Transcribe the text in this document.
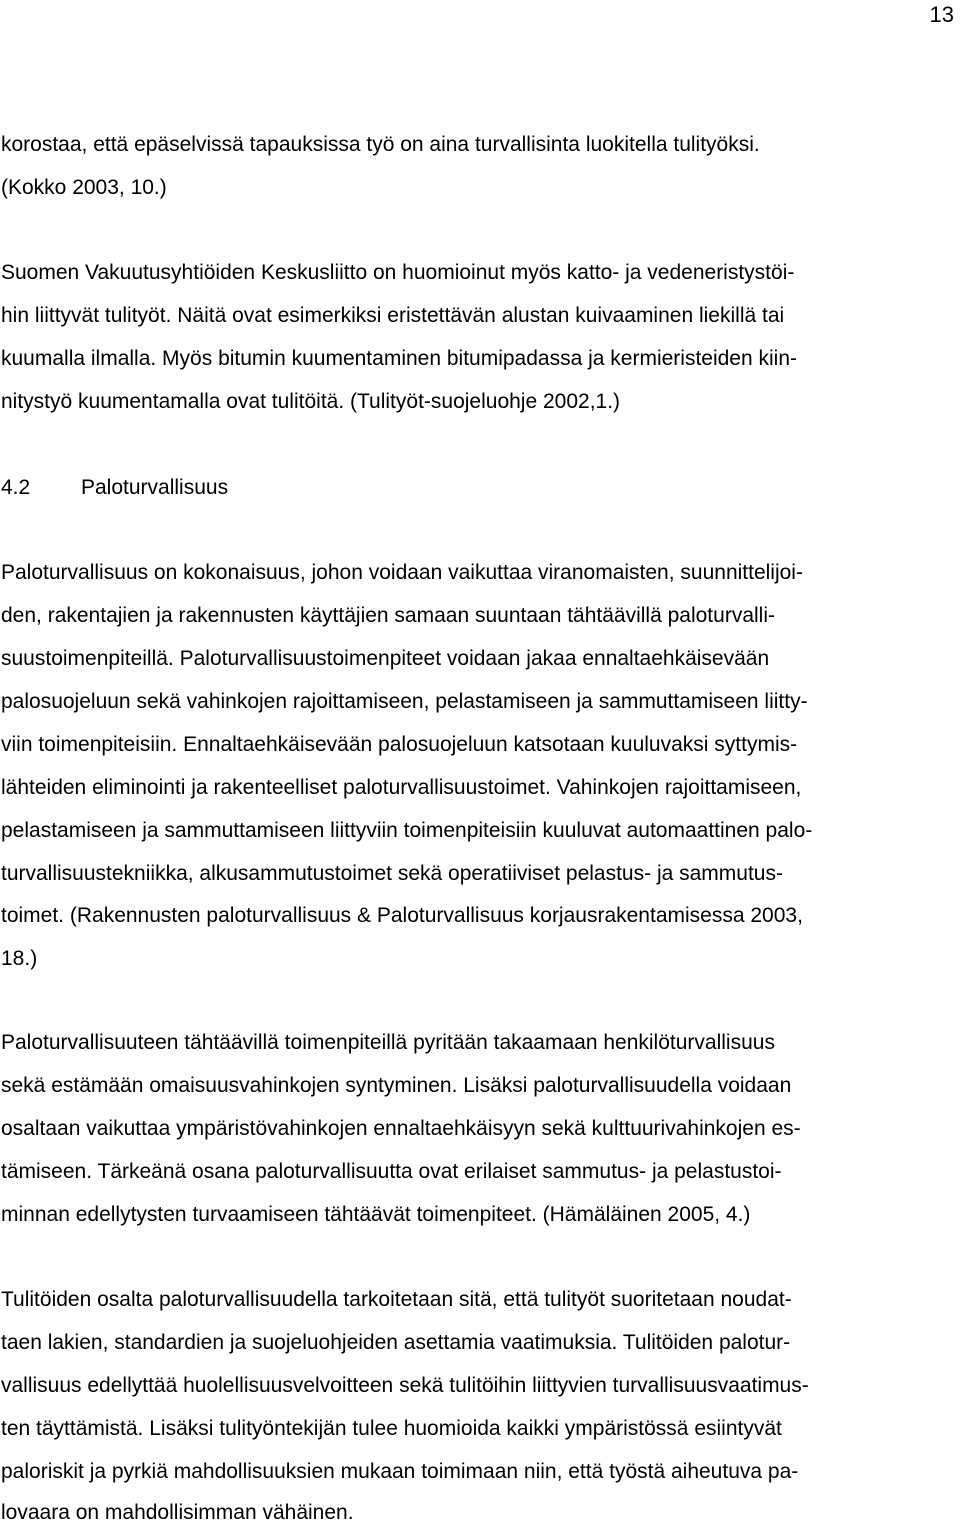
13
korostaa, että epäselvissä tapauksissa työ on aina turvallisinta luokitella tulityöksi.
(Kokko 2003, 10.)
Suomen Vakuutusyhtiöiden Keskusliitto on huomioinut myös katto- ja vedeneristystöi-
hin liittyvät tulityöt. Näitä ovat esimerkiksi eristettävän alustan kuivaaminen liekillä tai
kuumalla ilmalla. Myös bitumin kuumentaminen bitumipadassa ja kermieristeiden kiin-
nitystyö kuumentamalla ovat tulitöitä. (Tulityöt-suojeluohje 2002,1.)
4.2 Paloturvallisuus
Paloturvallisuus on kokonaisuus, johon voidaan vaikuttaa viranomaisten, suunnittelijoi-
den, rakentajien ja rakennusten käyttäjien samaan suuntaan tähtäävillä paloturvalli-
suustoimenpiteillä. Paloturvallisuustoimenpiteet voidaan jakaa ennaltaehkäisevään
palosuojeluun sekä vahinkojen rajoittamiseen, pelastamiseen ja sammuttamiseen liitty-
viin toimenpiteisiin. Ennaltaehkäisevään palosuojeluun katsotaan kuuluvaksi syttymis-
lähteiden eliminointi ja rakenteelliset paloturvallisuustoimet. Vahinkojen rajoittamiseen,
pelastamiseen ja sammuttamiseen liittyviin toimenpiteisiin kuuluvat automaattinen palo-
turvallisuustekniikka, alkusammutustoimet sekä operatiiviset pelastus- ja sammutus-
toimet. (Rakennusten paloturvallisuus & Paloturvallisuus korjausrakentamisessa 2003,
18.)
Paloturvallisuuteen tähtäävillä toimenpiteillä pyritään takaamaan henkilöturvallisuus
sekä estämään omaisuusvahinkojen syntyminen. Lisäksi paloturvallisuudella voidaan
osaltaan vaikuttaa ympäristövahinkojen ennaltaehkäisyyn sekä kulttuurivahinkojen es-
tämiseen. Tärkeänä osana paloturvallisuutta ovat erilaiset sammutus- ja pelastustoi-
minnan edellytysten turvaamiseen tähtäävät toimenpiteet. (Hämäläinen 2005, 4.)
Tulitöiden osalta paloturvallisuudella tarkoitetaan sitä, että tulityöt suoritetaan noudat-
taen lakien, standardien ja suojeluohjeiden asettamia vaatimuksia. Tulitöiden palotur-
vallisuus edellyttää huolellisuusvelvoitteen sekä tulitöihin liittyvien turvallisuusvaatimus-
ten täyttämistä. Lisäksi tulityöntekijän tulee huomioida kaikki ympäristössä esiintyvät
paloriskit ja pyrkiä mahdollisuuksien mukaan toimimaan niin, että työstä aiheutuva pa-
lovaara on mahdollisimman vähäinen.
